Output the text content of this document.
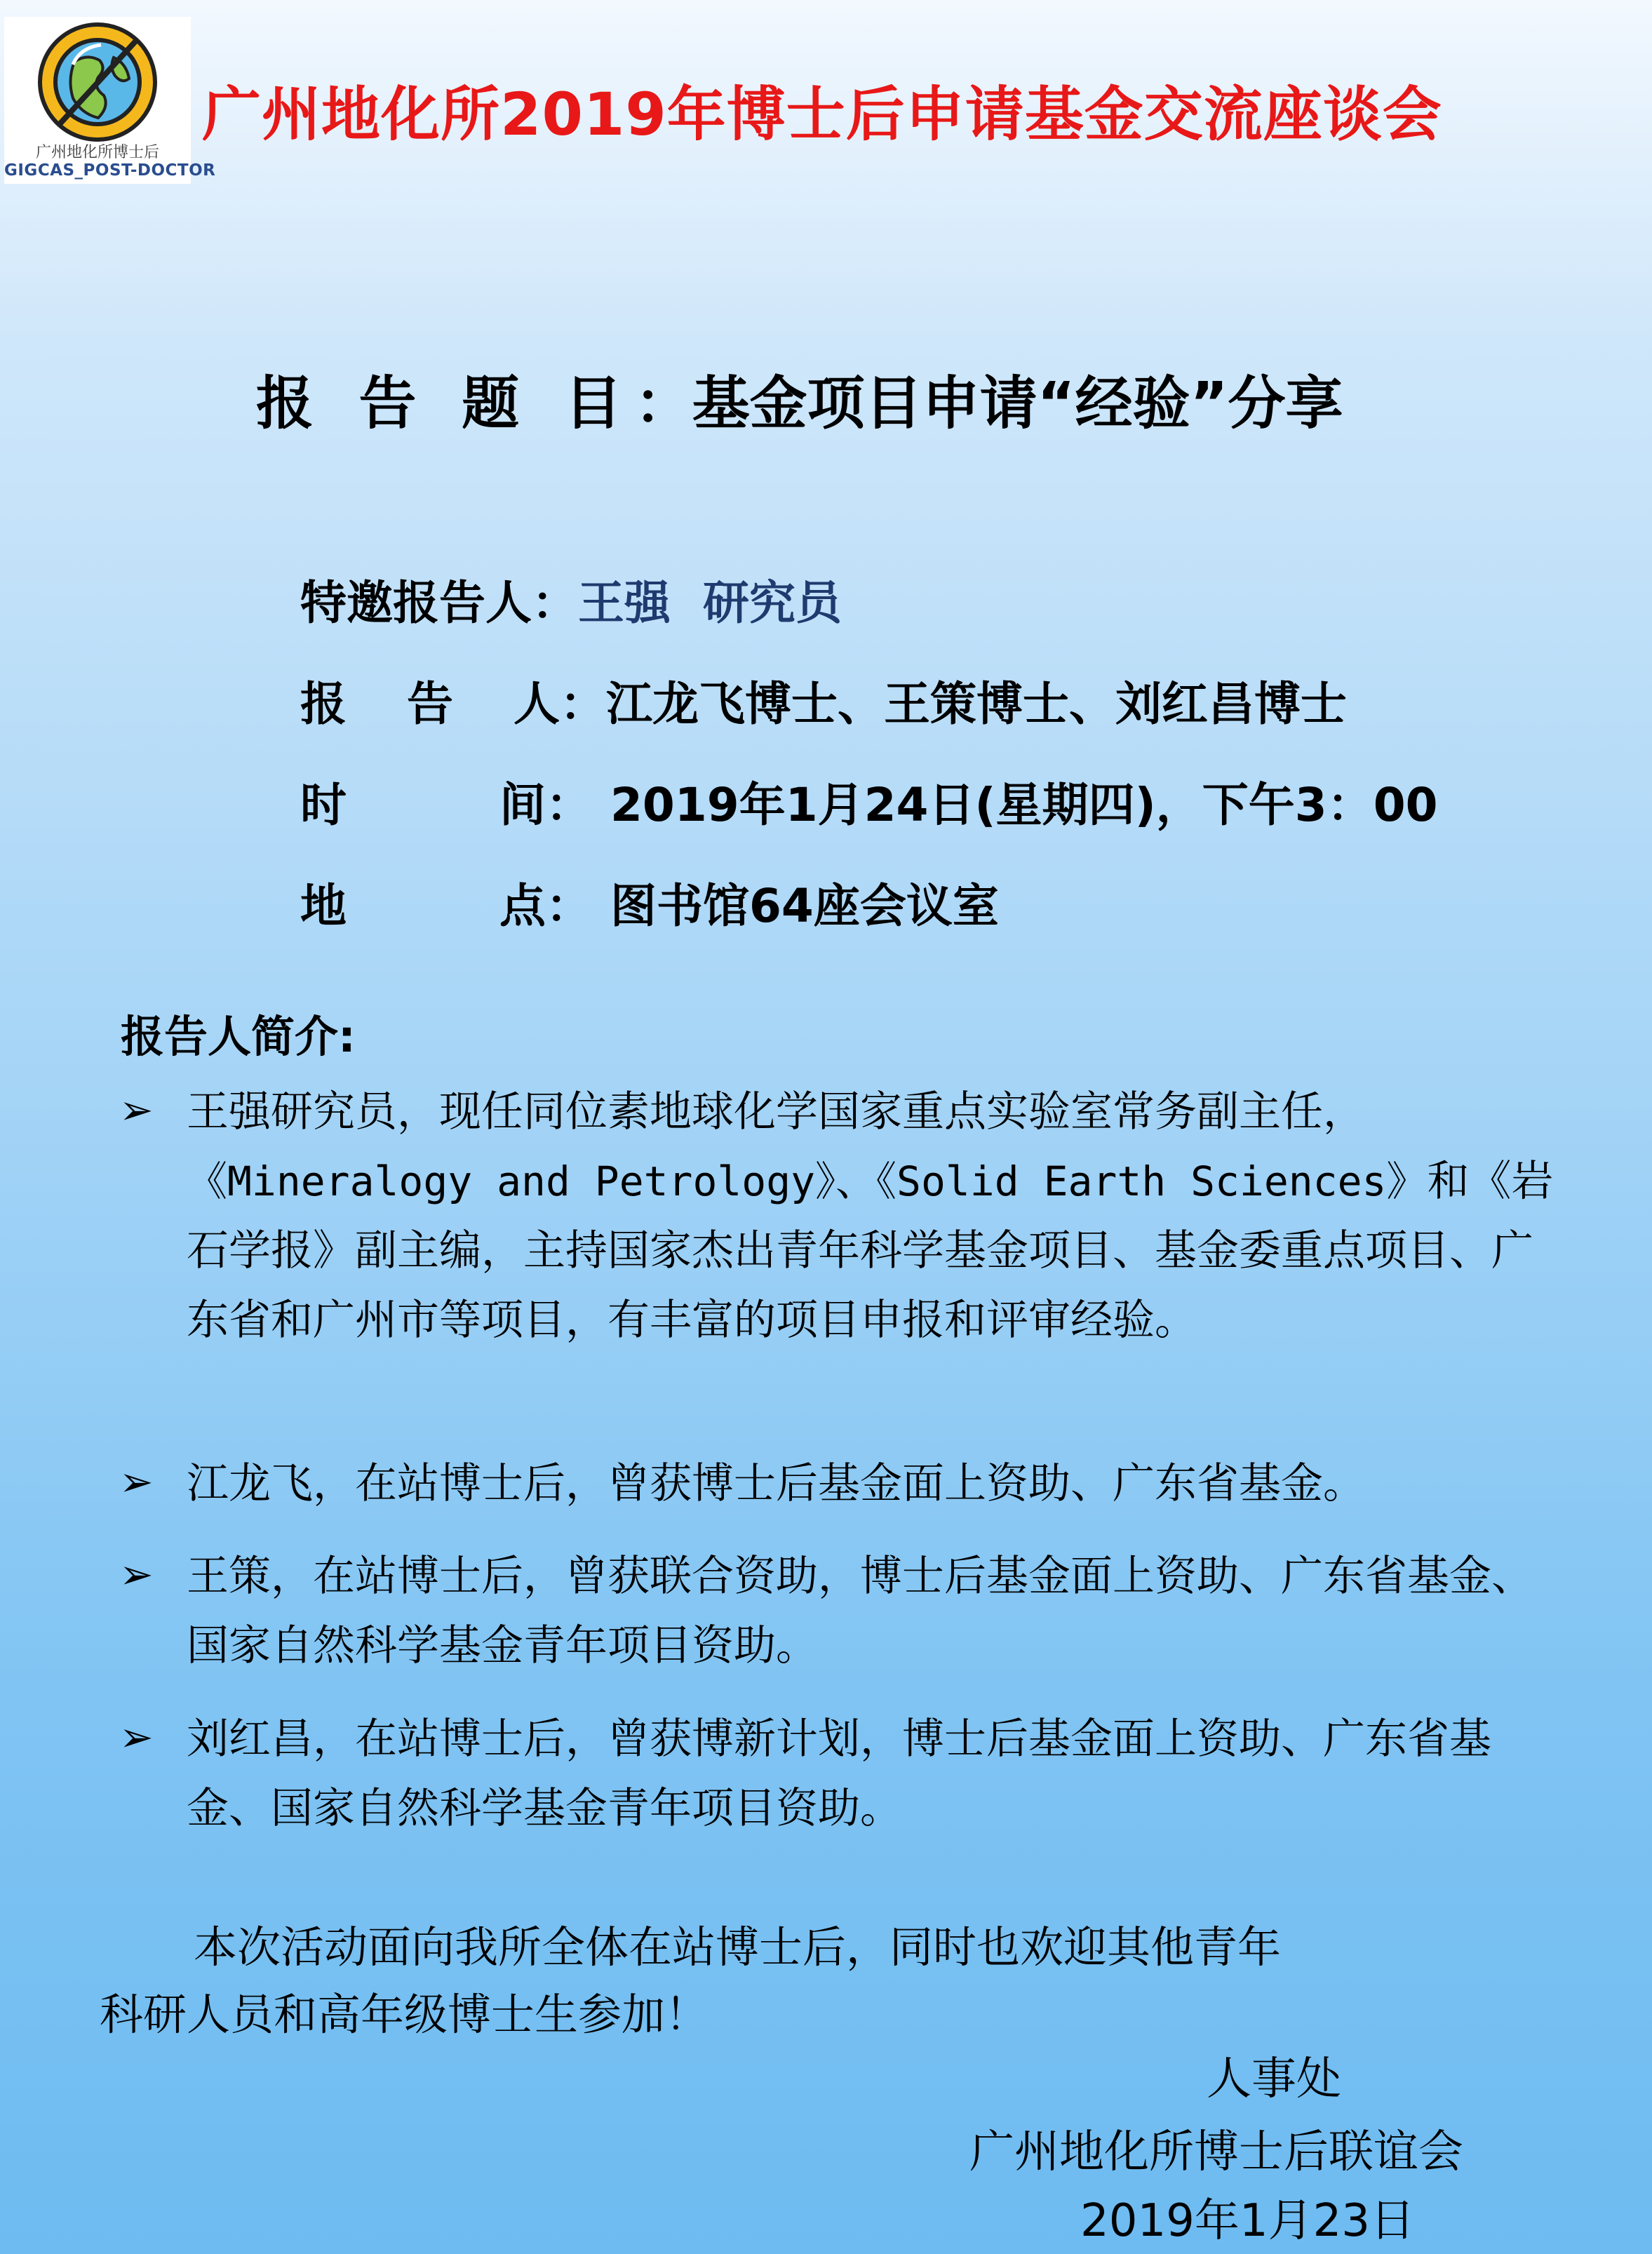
广州地化所博士后
GIGCAS_POST-DOCTOR
广州地化所2019年博士后申请基金交流座谈会
报 告 题 目：基金项目申请“经验”分享
特邀报告人：王强  研究员
报 告 人：江龙飞博士、王策博士、刘红昌博士
时	间： 2019年1月24日(星期四)，下午3：00
地	点： 图书馆64座会议室
报告人简介:
➢ 王强研究员，现任同位素地球化学国家重点实验室常务副主任，《Mineralogy and Petrology》、《Solid Earth Sciences》和《岩石学报》副主编，主持国家杰出青年科学基金项目、基金委重点项目、广东省和广州市等项目，有丰富的项目申报和评审经验。
➢ 江龙飞，在站博士后，曾获博士后基金面上资助、广东省基金。
➢ 王策，在站博士后，曾获联合资助，博士后基金面上资助、广东省基金、国家自然科学基金青年项目资助。
➢ 刘红昌，在站博士后，曾获博新计划，博士后基金面上资助、广东省基金、国家自然科学基金青年项目资助。
本次活动面向我所全体在站博士后，同时也欢迎其他青年
科研人员和高年级博士生参加！
人事处
广州地化所博士后联谊会
2019年1月23日
